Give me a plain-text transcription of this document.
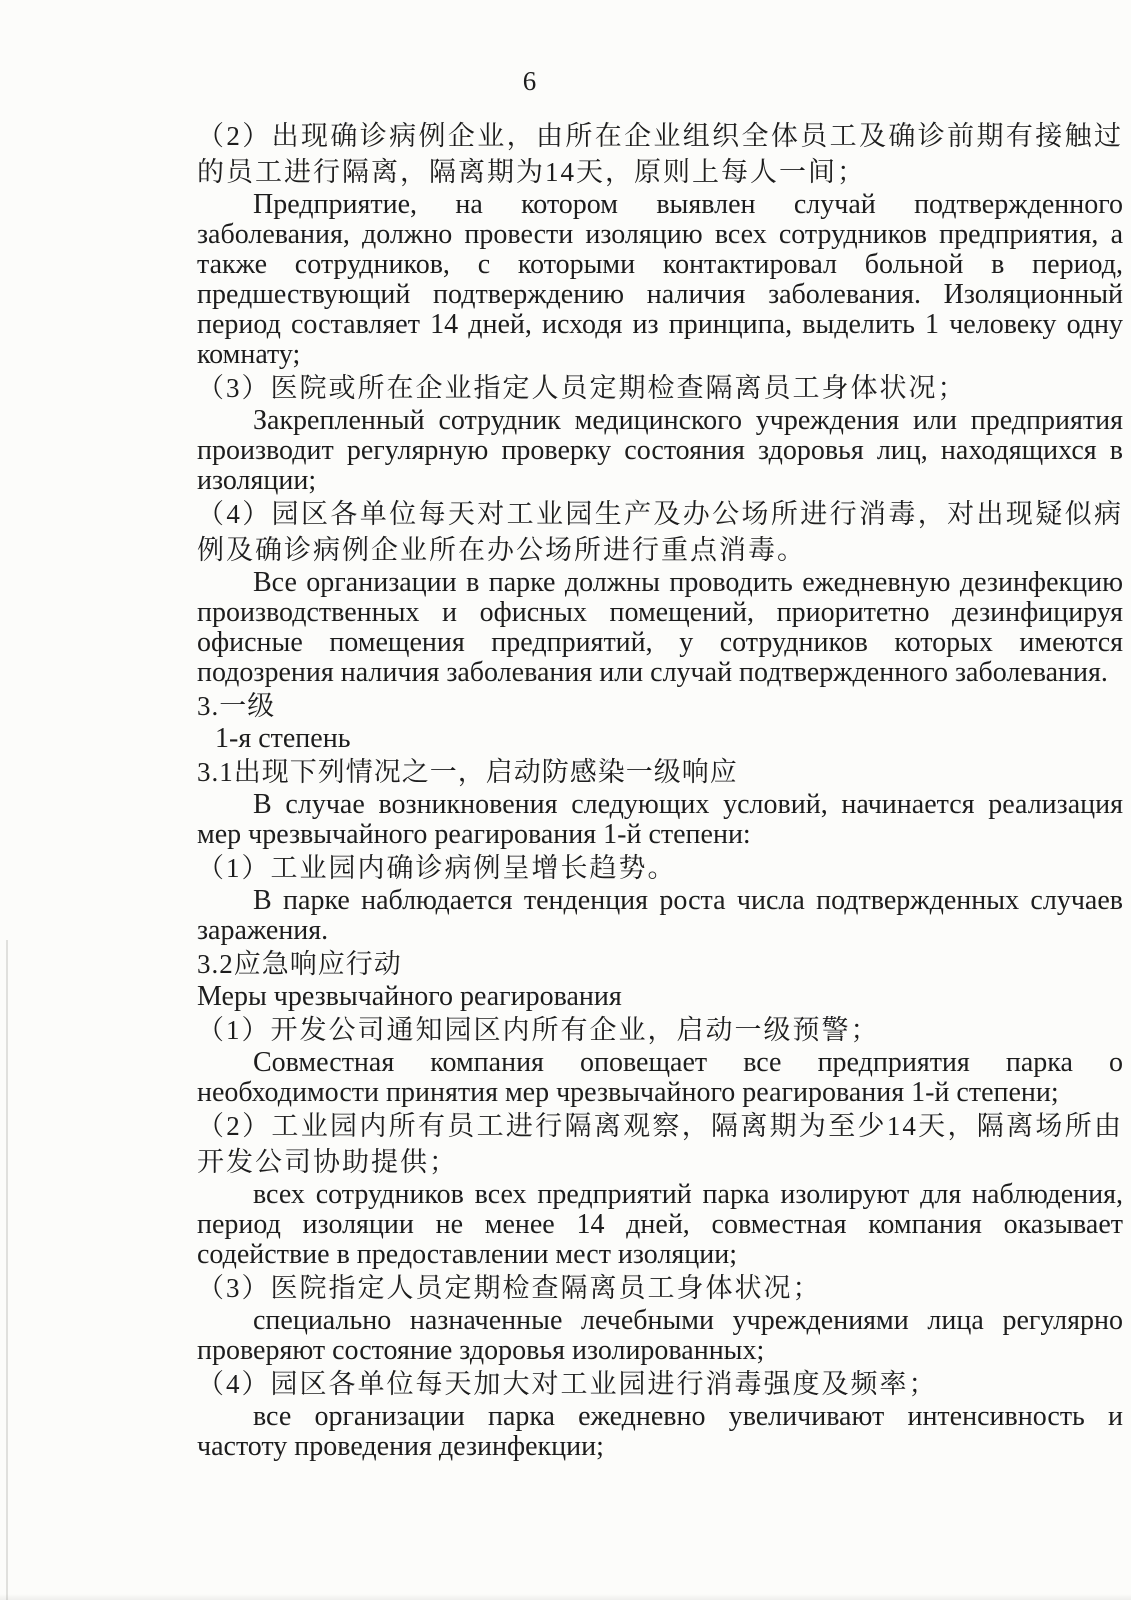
6

（2）出现确诊病例企业，由所在企业组织全体员工及确诊前期有接触过的员工进行隔离，隔离期为14天，原则上每人一间；

Предприятие, на котором выявлен случай подтвержденного заболевания, должно провести изоляцию всех сотрудников предприятия, а также сотрудников, с которыми контактировал больной в период, предшествующий подтверждению наличия заболевания. Изоляционный период составляет 14 дней, исходя из принципа, выделить 1 человеку одну комнату;

（3）医院或所在企业指定人员定期检查隔离员工身体状况；

Закрепленный сотрудник медицинского учреждения или предприятия производит регулярную проверку состояния здоровья лиц, находящихся в изоляции;

（4）园区各单位每天对工业园生产及办公场所进行消毒，对出现疑似病例及确诊病例企业所在办公场所进行重点消毒。

Все организации в парке должны проводить ежедневную дезинфекцию производственных и офисных помещений, приоритетно дезинфицируя офисные помещения предприятий, у сотрудников которых имеются подозрения наличия заболевания или случай подтвержденного заболевания.

3.一级

1-я степень

3.1出现下列情况之一，启动防感染一级响应

В случае возникновения следующих условий, начинается реализация мер чрезвычайного реагирования 1-й степени:

（1）工业园内确诊病例呈增长趋势。

В парке наблюдается тенденция роста числа подтвержденных случаев заражения.

3.2应急响应行动

Меры чрезвычайного реагирования

（1）开发公司通知园区内所有企业，启动一级预警；

Совместная компания оповещает все предприятия парка о необходимости принятия мер чрезвычайного реагирования 1-й степени;

（2）工业园内所有员工进行隔离观察，隔离期为至少14天，隔离场所由开发公司协助提供；

всех сотрудников всех предприятий парка изолируют для наблюдения, период изоляции не менее 14 дней, совместная компания оказывает содействие в предоставлении мест изоляции;

（3）医院指定人员定期检查隔离员工身体状况；

специально назначенные лечебными учреждениями лица регулярно проверяют состояние здоровья изолированных;

（4）园区各单位每天加大对工业园进行消毒强度及频率；

все организации парка ежедневно увеличивают интенсивность и частоту проведения дезинфекции;
